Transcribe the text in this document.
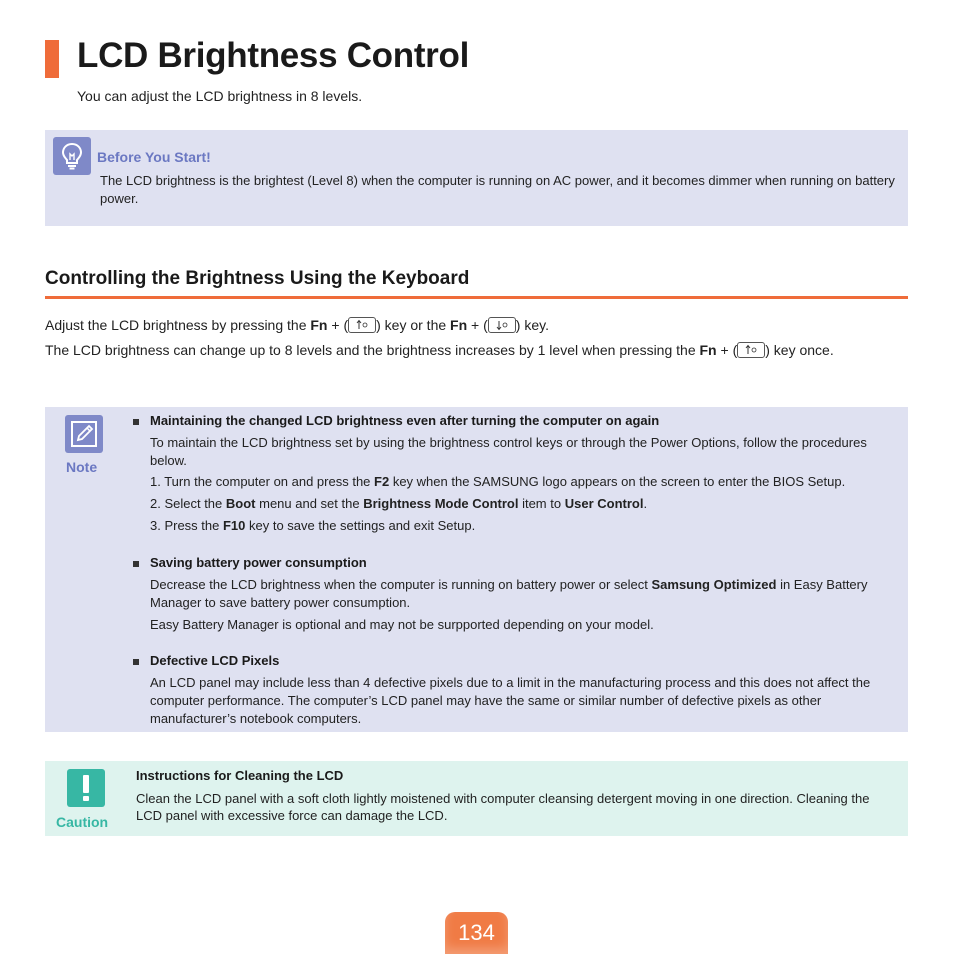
LCD Brightness Control
You can adjust the LCD brightness in 8 levels.
Before You Start!
The LCD brightness is the brightest (Level 8) when the computer is running on AC power, and it becomes dimmer when running on battery power.
Controlling the Brightness Using the Keyboard
Adjust the LCD brightness by pressing the Fn + ( ) key or the Fn + ( ) key.
The LCD brightness can change up to 8 levels and the brightness increases by 1 level when pressing the Fn + ( ) key once.
Note
Maintaining the changed LCD brightness even after turning the computer on again
To maintain the LCD brightness set by using the brightness control keys or through the Power Options, follow the procedures below.
1. Turn the computer on and press the F2 key when the SAMSUNG logo appears on the screen to enter the BIOS Setup.
2. Select the Boot menu and set the Brightness Mode Control item to User Control.
3. Press the F10 key to save the settings and exit Setup.
Saving battery power consumption
Decrease the LCD brightness when the computer is running on battery power or select Samsung Optimized in Easy Battery Manager to save battery power consumption.
Easy Battery Manager is optional and may not be surpported depending on your model.
Defective LCD Pixels
An LCD panel may include less than 4 defective pixels due to a limit in the manufacturing process and this does not affect the computer performance. The computer’s LCD panel may have the same or similar number of defective pixels as other manufacturer’s notebook computers.
Caution
Instructions for Cleaning the LCD
Clean the LCD panel with a soft cloth lightly moistened with computer cleansing detergent moving in one direction. Cleaning the LCD panel with excessive force can damage the LCD.
134
